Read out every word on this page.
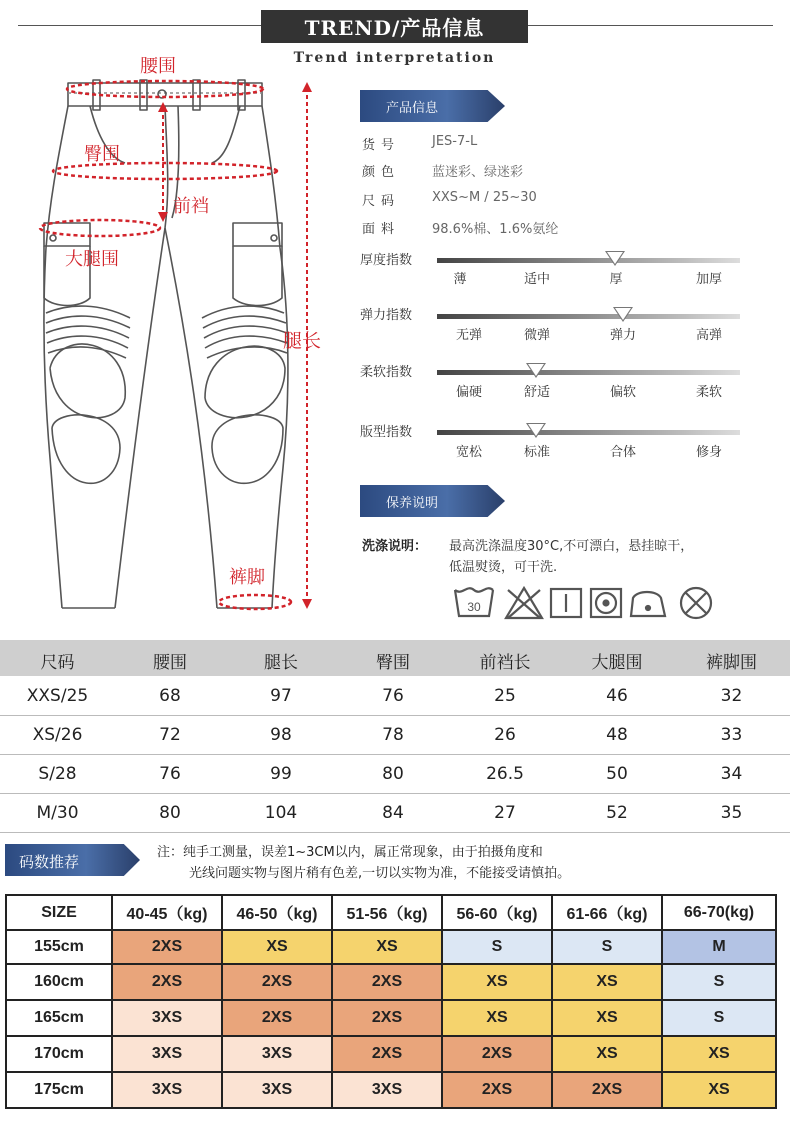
TREND/产品信息
Trend interpretation
腰围
臀围
前裆
大腿围
腿长
裤脚
产品信息
货号 JES-7-L
颜色 蓝迷彩、绿迷彩
尺码 XXS~M / 25~30
面料 98.6%棉、1.6%氨纶
厚度指数
薄	适中	厚	加厚
弹力指数
无弹	微弹	弹力	高弹
柔软指数
偏硬	舒适	偏软	柔软
版型指数
宽松	标准	合体	修身
保养说明
洗涤说明： 最高洗涤温度30°C,不可漂白，悬挂晾干，
低温熨烫，可干洗.
30
尺码	腰围	腿长	臀围	前裆长	大腿围	裤脚围
XXS/25	68	97	76	25	46	32
XS/26	72	98	78	26	48	33
S/28	76	99	80	26.5	50	34
M/30	80	104	84	27	52	35
码数推荐
注：纯手工测量，误差1~3CM以内，属正常现象，由于拍摄角度和
光线问题实物与图片稍有色差,一切以实物为准，不能接受请慎拍。
SIZE	40-45（kg)	46-50（kg)	51-56（kg)	56-60（kg)	61-66（kg)	66-70(kg)
155cm	2XS	XS	XS	S	S	M
160cm	2XS	2XS	2XS	XS	XS	S
165cm	3XS	2XS	2XS	XS	XS	S
170cm	3XS	3XS	2XS	2XS	XS	XS
175cm	3XS	3XS	3XS	2XS	2XS	XS
